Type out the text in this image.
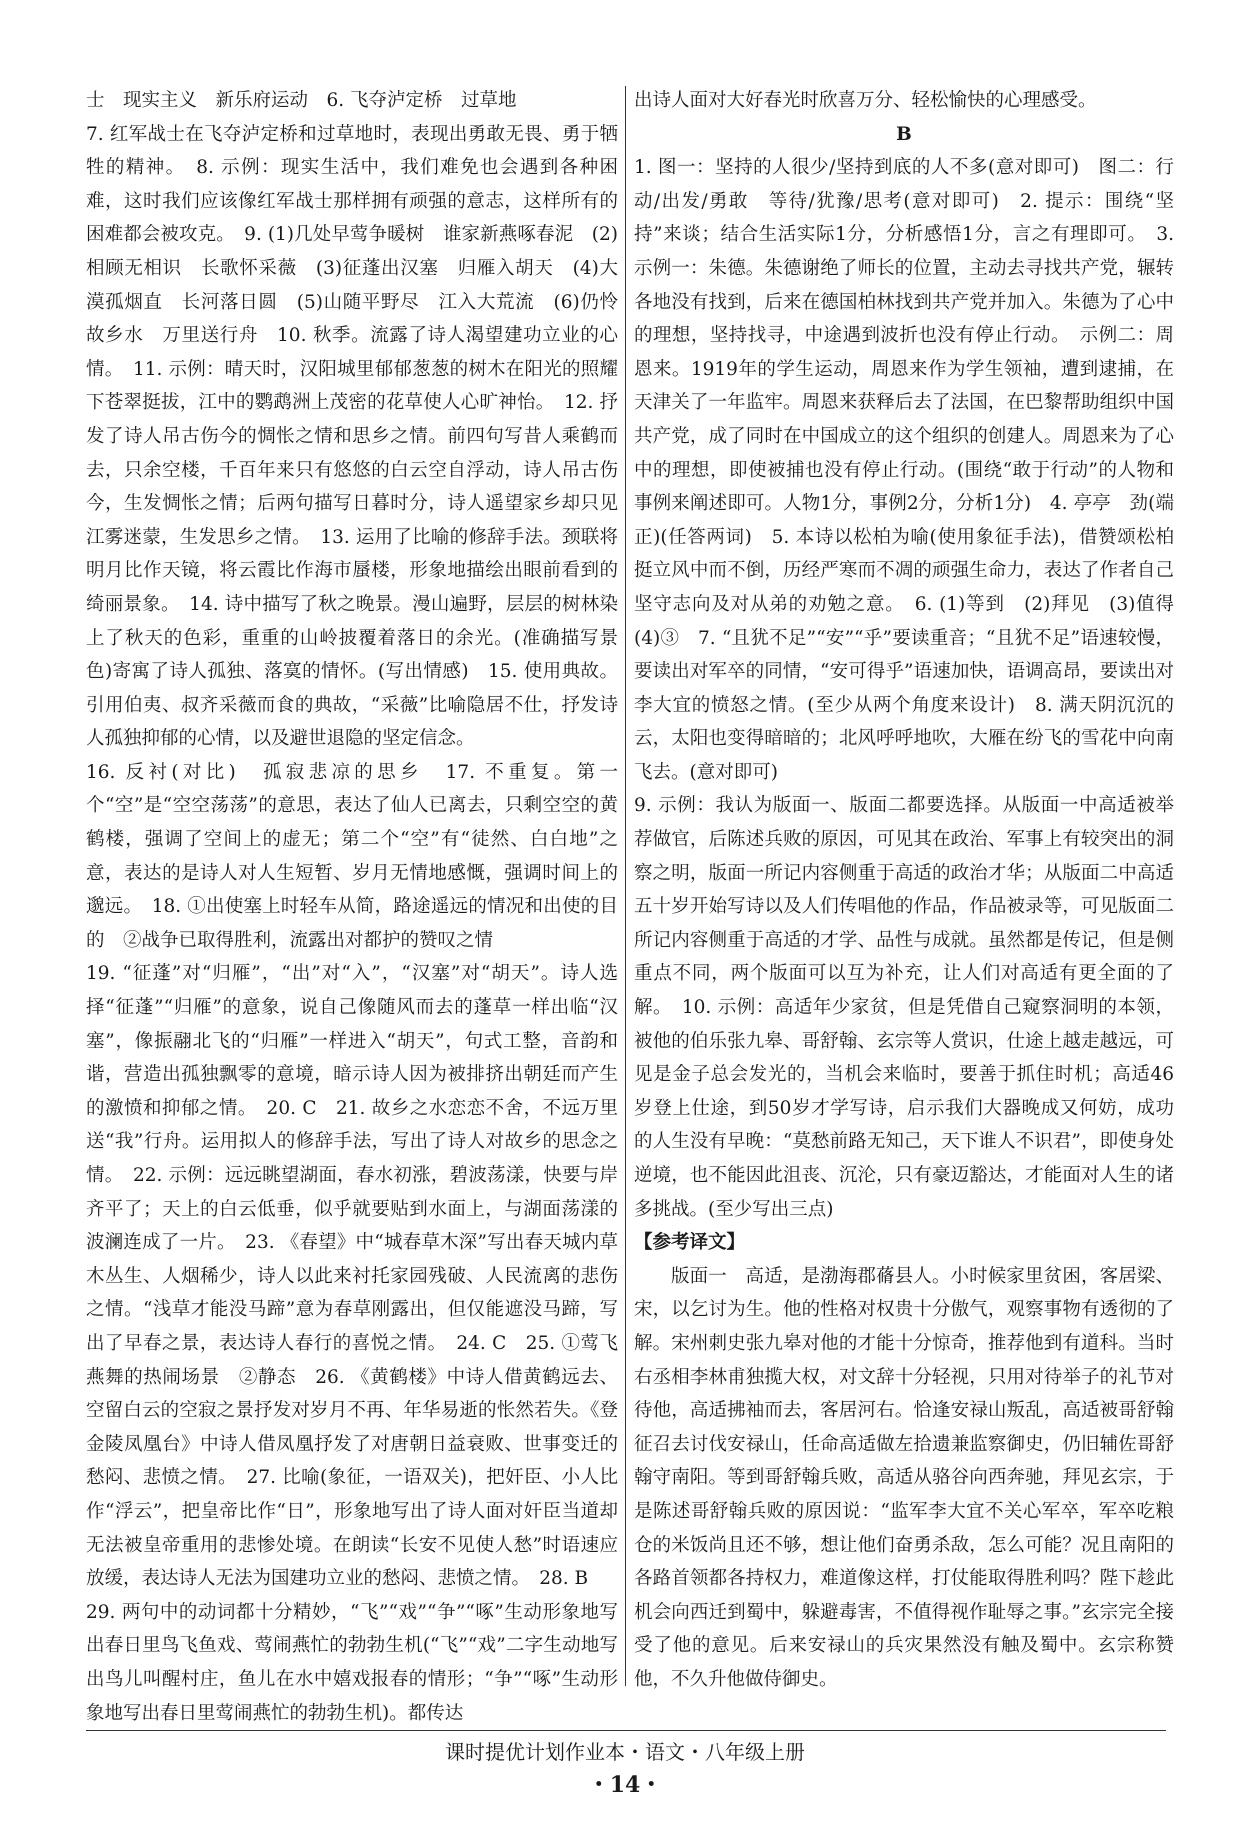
士　现实主义　新乐府运动　6. 飞夺泸定桥　过草地

7. 红军战士在飞夺泸定桥和过草地时，表现出勇敢无畏、勇于牺牲的精神。　8. 示例：现实生活中，我们难免也会遇到各种困难，这时我们应该像红军战士那样拥有顽强的意志，这样所有的困难都会被攻克。　9. (1)几处早莺争暖树　谁家新燕啄春泥　(2)相顾无相识　长歌怀采薇　(3)征蓬出汉塞　归雁入胡天　(4)大漠孤烟直　长河落日圆　(5)山随平野尽　江入大荒流　(6)仍怜故乡水　万里送行舟　10. 秋季。流露了诗人渴望建功立业的心情。　11. 示例：晴天时，汉阳城里郁郁葱葱的树木在阳光的照耀下苍翠挺拔，江中的鹦鹉洲上茂密的花草使人心旷神怡。　12. 抒发了诗人吊古伤今的惆怅之情和思乡之情。前四句写昔人乘鹤而去，只余空楼，千百年来只有悠悠的白云空自浮动，诗人吊古伤今，生发惆怅之情；后两句描写日暮时分，诗人遥望家乡却只见江雾迷蒙，生发思乡之情。　13. 运用了比喻的修辞手法。颈联将明月比作天镜，将云霞比作海市蜃楼，形象地描绘出眼前看到的绮丽景象。　14. 诗中描写了秋之晚景。漫山遍野，层层的树林染上了秋天的色彩，重重的山岭披覆着落日的余光。(准确描写景色)寄寓了诗人孤独、落寞的情怀。(写出情感)　15. 使用典故。引用伯夷、叔齐采薇而食的典故，“采薇”比喻隐居不仕，抒发诗人孤独抑郁的心情，以及避世退隐的坚定信念。

16. 反衬(对比)　孤寂悲凉的思乡　17. 不重复。第一个“空”是“空空荡荡”的意思，表达了仙人已离去，只剩空空的黄鹤楼，强调了空间上的虚无；第二个“空”有“徒然、白白地”之意，表达的是诗人对人生短暂、岁月无情地感慨，强调时间上的邈远。　18. ①出使塞上时轻车从简，路途遥远的情况和出使的目的　②战争已取得胜利，流露出对都护的赞叹之情

19. “征蓬”对“归雁”，“出”对“入”，“汉塞”对“胡天”。诗人选择“征蓬”“归雁”的意象，说自己像随风而去的蓬草一样出临“汉塞”，像振翮北飞的“归雁”一样进入“胡天”，句式工整，音韵和谐，营造出孤独飘零的意境，暗示诗人因为被排挤出朝廷而产生的激愤和抑郁之情。　20. C　21. 故乡之水恋恋不舍，不远万里送“我”行舟。运用拟人的修辞手法，写出了诗人对故乡的思念之情。　22. 示例：远远眺望湖面，春水初涨，碧波荡漾，快要与岸齐平了；天上的白云低垂，似乎就要贴到水面上，与湖面荡漾的波澜连成了一片。　23. 《春望》中“城春草木深”写出春天城内草木丛生、人烟稀少，诗人以此来衬托家园残破、人民流离的悲伤之情。“浅草才能没马蹄”意为春草刚露出，但仅能遮没马蹄，写出了早春之景，表达诗人春行的喜悦之情。　24. C　25. ①莺飞燕舞的热闹场景　②静态　26. 《黄鹤楼》中诗人借黄鹤远去、空留白云的空寂之景抒发对岁月不再、年华易逝的怅然若失。《登金陵凤凰台》中诗人借凤凰抒发了对唐朝日益衰败、世事变迁的愁闷、悲愤之情。　27. 比喻(象征，一语双关)，把奸臣、小人比作“浮云”，把皇帝比作“日”，形象地写出了诗人面对奸臣当道却无法被皇帝重用的悲惨处境。在朗读“长安不见使人愁”时语速应放缓，表达诗人无法为国建功立业的愁闷、悲愤之情。　28. B

29. 两句中的动词都十分精妙，“飞”“戏”“争”“啄”生动形象地写出春日里鸟飞鱼戏、莺闹燕忙的勃勃生机(“飞”“戏”二字生动地写出鸟儿叫醒村庄，鱼儿在水中嬉戏报春的情形；“争”“啄”生动形象地写出春日里莺闹燕忙的勃勃生机)。都传达

出诗人面对大好春光时欣喜万分、轻松愉快的心理感受。

B

1. 图一：坚持的人很少/坚持到底的人不多(意对即可)　图二：行动/出发/勇敢　等待/犹豫/思考(意对即可)　2. 提示：围绕“坚持”来谈；结合生活实际1分，分析感悟1分，言之有理即可。　3. 示例一：朱德。朱德谢绝了师长的位置，主动去寻找共产党，辗转各地没有找到，后来在德国柏林找到共产党并加入。朱德为了心中的理想，坚持找寻，中途遇到波折也没有停止行动。　示例二：周恩来。1919年的学生运动，周恩来作为学生领袖，遭到逮捕，在天津关了一年监牢。周恩来获释后去了法国，在巴黎帮助组织中国共产党，成了同时在中国成立的这个组织的创建人。周恩来为了心中的理想，即使被捕也没有停止行动。(围绕“敢于行动”的人物和事例来阐述即可。人物1分，事例2分，分析1分)　4. 亭亭　劲(端正)(任答两词)　5. 本诗以松柏为喻(使用象征手法)，借赞颂松柏挺立风中而不倒，历经严寒而不凋的顽强生命力，表达了作者自己坚守志向及对从弟的劝勉之意。　6. (1)等到　(2)拜见　(3)值得　(4)③　7. “且犹不足”“安”“乎”要读重音；“且犹不足”语速较慢，要读出对军卒的同情，“安可得乎”语速加快，语调高昂，要读出对李大宜的愤怒之情。(至少从两个角度来设计)　8. 满天阴沉沉的云，太阳也变得暗暗的；北风呼呼地吹，大雁在纷飞的雪花中向南飞去。(意对即可)

9. 示例：我认为版面一、版面二都要选择。从版面一中高适被举荐做官，后陈述兵败的原因，可见其在政治、军事上有较突出的洞察之明，版面一所记内容侧重于高适的政治才华；从版面二中高适五十岁开始写诗以及人们传唱他的作品，作品被录等，可见版面二所记内容侧重于高适的才学、品性与成就。虽然都是传记，但是侧重点不同，两个版面可以互为补充，让人们对高适有更全面的了解。　10. 示例：高适年少家贫，但是凭借自己窥察洞明的本领，被他的伯乐张九皋、哥舒翰、玄宗等人赏识，仕途上越走越远，可见是金子总会发光的，当机会来临时，要善于抓住时机；高适46岁登上仕途，到50岁才学写诗，启示我们大器晚成又何妨，成功的人生没有早晚：“莫愁前路无知己，天下谁人不识君”，即使身处逆境，也不能因此沮丧、沉沦，只有豪迈豁达，才能面对人生的诸多挑战。(至少写出三点)

【参考译文】

版面一　高适，是渤海郡蓨县人。小时候家里贫困，客居梁、宋，以乞讨为生。他的性格对权贵十分傲气，观察事物有透彻的了解。宋州刺史张九皋对他的才能十分惊奇，推荐他到有道科。当时右丞相李林甫独揽大权，对文辞十分轻视，只用对待举子的礼节对待他，高适拂袖而去，客居河右。恰逢安禄山叛乱，高适被哥舒翰征召去讨伐安禄山，任命高适做左拾遗兼监察御史，仍旧辅佐哥舒翰守南阳。等到哥舒翰兵败，高适从骆谷向西奔驰，拜见玄宗，于是陈述哥舒翰兵败的原因说：“监军李大宜不关心军卒，军卒吃粮仓的米饭尚且还不够，想让他们奋勇杀敌，怎么可能？况且南阳的各路首领都各持权力，难道像这样，打仗能取得胜利吗？陛下趁此机会向西迁到蜀中，躲避毒害，不值得视作耻辱之事。”玄宗完全接受了他的意见。后来安禄山的兵灾果然没有触及蜀中。玄宗称赞他，不久升他做侍御史。

课时提优计划作业本・语文・八年级上册
・14・
